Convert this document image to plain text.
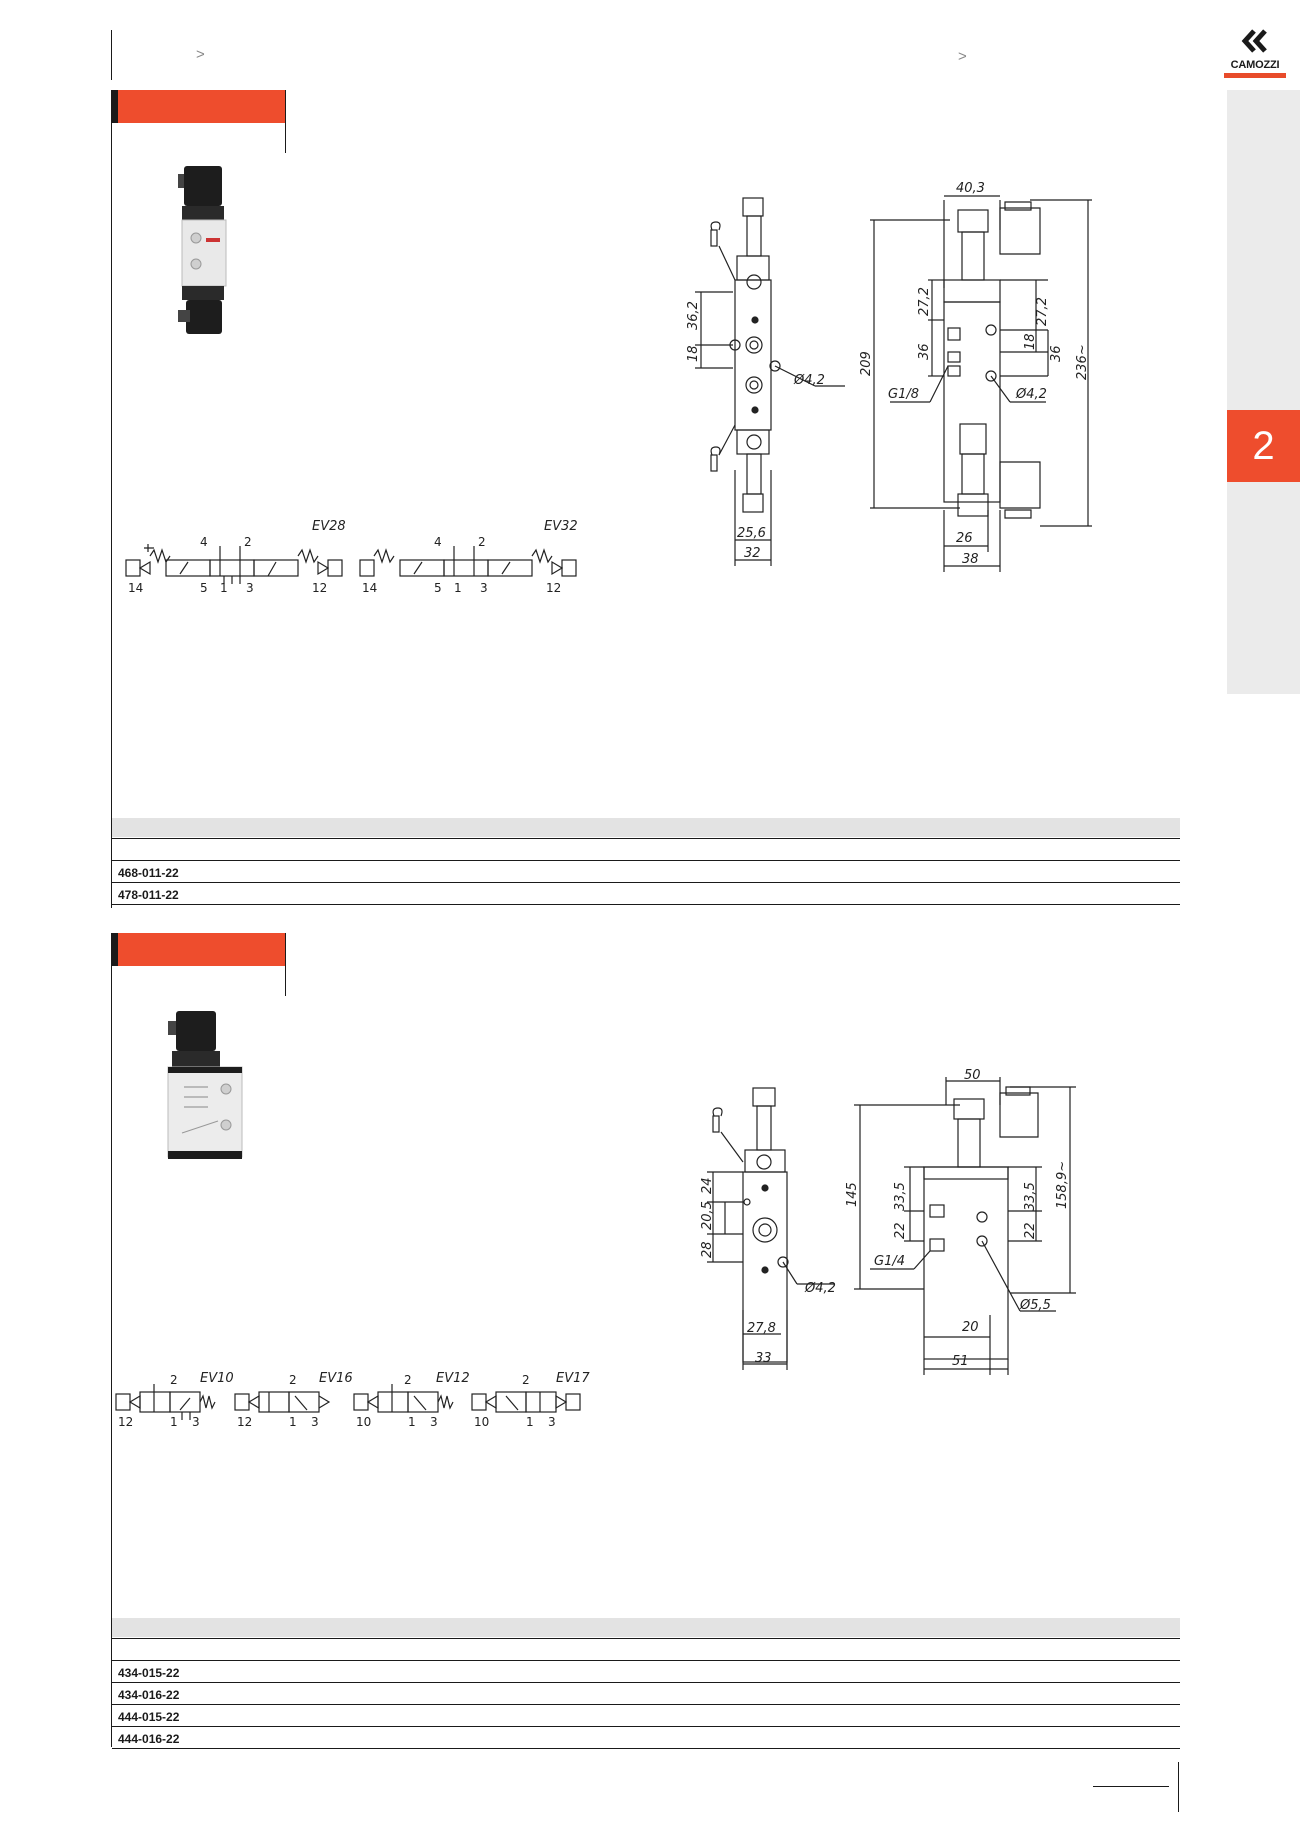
>	>	CAMOZZI
2
36,2
18
Ø4,2
25,6
32
40,3
209
27,2
36
27,2
18
36 236~
G1/8	Ø4,2
26
38
EV28
4	2
14	5 1 3	12
EV32
4	2
14	5 1 3	12
468-011-22
478-011-22
24
20,5
28
Ø4,2
27,8
33
50
145	33,5
22
33,5
22
158,9~
G1/4
Ø5,5
20
51
EV10
2
12	1 3
EV16
2
12	1 3
EV12
2
10	1 3
EV17
2
10	1 3
434-015-22
434-016-22
444-015-22
444-016-22
